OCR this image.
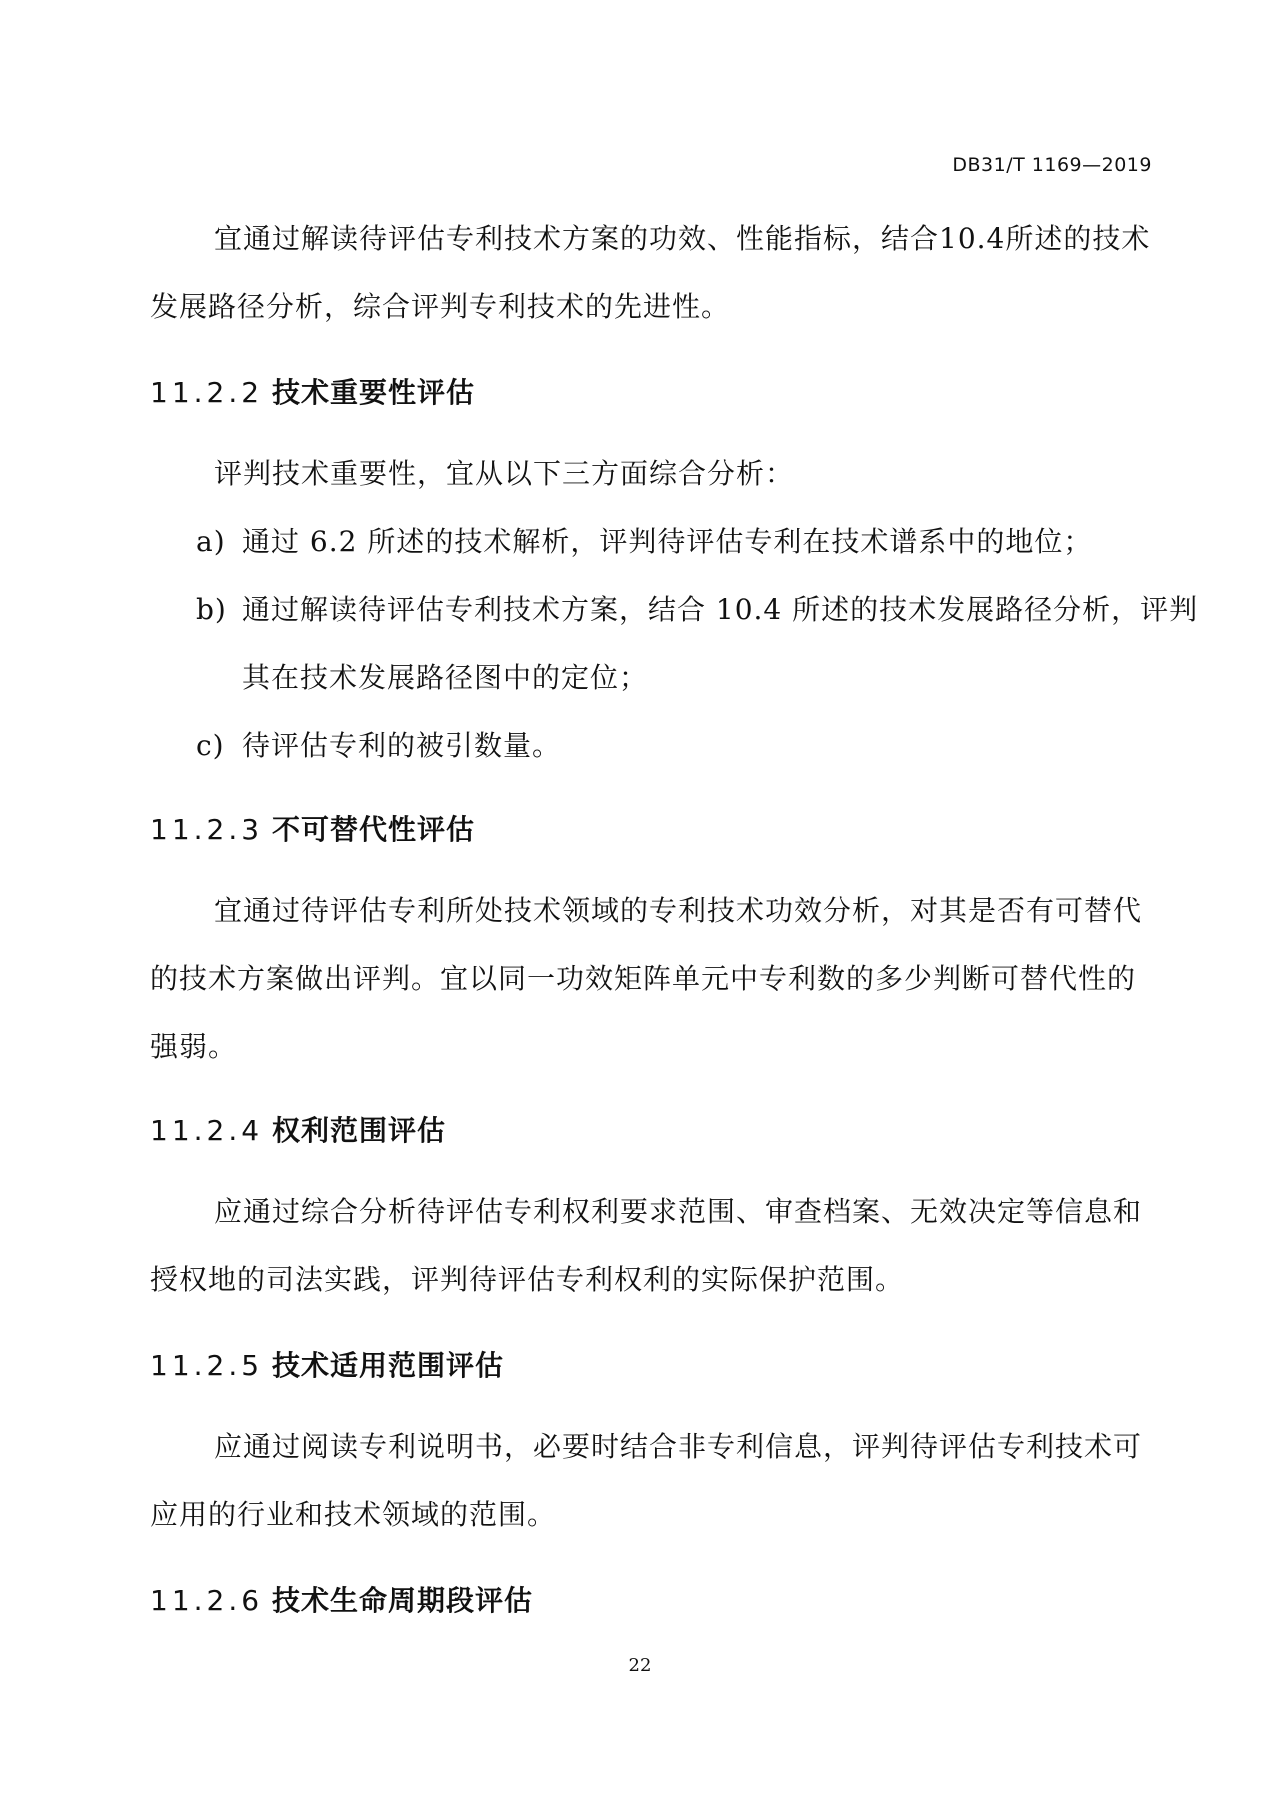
DB31/T 1169—2019

宜通过解读待评估专利技术方案的功效、性能指标，结合10.4所述的技术发展路径分析，综合评判专利技术的先进性。

11.2.2 技术重要性评估

评判技术重要性，宜从以下三方面综合分析：

a) 通过 6.2 所述的技术解析，评判待评估专利在技术谱系中的地位；

b) 通过解读待评估专利技术方案，结合 10.4 所述的技术发展路径分析，评判其在技术发展路径图中的定位；

c) 待评估专利的被引数量。

11.2.3 不可替代性评估

宜通过待评估专利所处技术领域的专利技术功效分析，对其是否有可替代的技术方案做出评判。宜以同一功效矩阵单元中专利数的多少判断可替代性的强弱。

11.2.4 权利范围评估

应通过综合分析待评估专利权利要求范围、审查档案、无效决定等信息和授权地的司法实践，评判待评估专利权利的实际保护范围。

11.2.5 技术适用范围评估

应通过阅读专利说明书，必要时结合非专利信息，评判待评估专利技术可应用的行业和技术领域的范围。

11.2.6 技术生命周期段评估
22
